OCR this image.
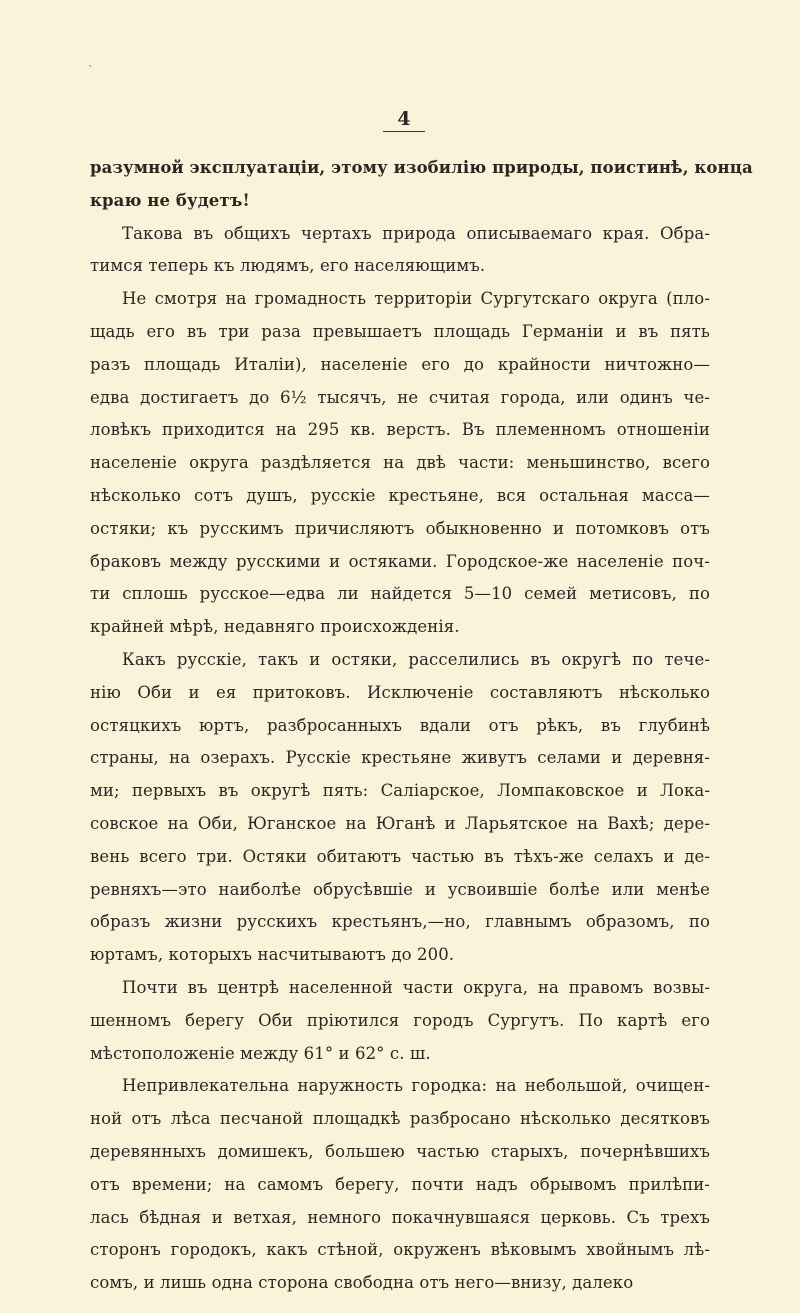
ˎ
4
разумной эксплуатаціи, этому изобилію природы, поистинѣ, конца
краю не будетъ!
Такова въ общихъ чертахъ природа описываемаго края. Обра-
тимся теперь къ людямъ, его населяющимъ.
Не смотря на громадность территоріи Сургутскаго округа (пло-
щадь его въ три раза превышаетъ площадь Германіи и въ пять
разъ площадь Италіи), населеніе его до крайности ничтожно—
едва достигаетъ до 6½ тысячъ, не считая города, или одинъ че-
ловѣкъ приходится на 295 кв. верстъ. Въ племенномъ отношеніи
населеніе округа раздѣляется на двѣ части: меньшинство, всего
нѣсколько сотъ душъ, русскіе крестьяне, вся остальная масса—
остяки; къ русскимъ причисляютъ обыкновенно и потомковъ отъ
браковъ между русскими и остяками. Городское-же населеніе поч-
ти сплошь русское—едва ли найдется 5—10 семей метисовъ, по
крайней мѣрѣ, недавняго происхожденія.
Какъ русскіе, такъ и остяки, расселились въ округѣ по тече-
нію Оби и ея притоковъ. Исключеніе составляютъ нѣсколько
остяцкихъ юртъ, разбросанныхъ вдали отъ рѣкъ, въ глубинѣ
страны, на озерахъ. Русскіе крестьяне живутъ селами и деревня-
ми; первыхъ въ округѣ пять: Саліарское, Ломпаковское и Лока-
совское на Оби, Юганское на Юганѣ и Ларьятское на Вахѣ; дере-
вень всего три. Остяки обитаютъ частью въ тѣхъ-же селахъ и де-
ревняхъ—это наиболѣе обрусѣвшіе и усвоившіе болѣе или менѣе
образъ жизни русскихъ крестьянъ,—но, главнымъ образомъ, по
юртамъ, которыхъ насчитываютъ до 200.
Почти въ центрѣ населенной части округа, на правомъ возвы-
шенномъ берегу Оби пріютился городъ Сургутъ. По картѣ его
мѣстоположеніе между 61° и 62° с. ш.
Непривлекательна наружность городка: на небольшой, очищен-
ной отъ лѣса песчаной площадкѣ разбросано нѣсколько десятковъ
деревянныхъ домишекъ, большею частью старыхъ, почернѣвшихъ
отъ времени; на самомъ берегу, почти надъ обрывомъ прилѣпи-
лась бѣдная и ветхая, немного покачнувшаяся церковь. Съ трехъ
сторонъ городокъ, какъ стѣной, окруженъ вѣковымъ хвойнымъ лѣ-
сомъ, и лишь одна сторона свободна отъ него—внизу, далеко
